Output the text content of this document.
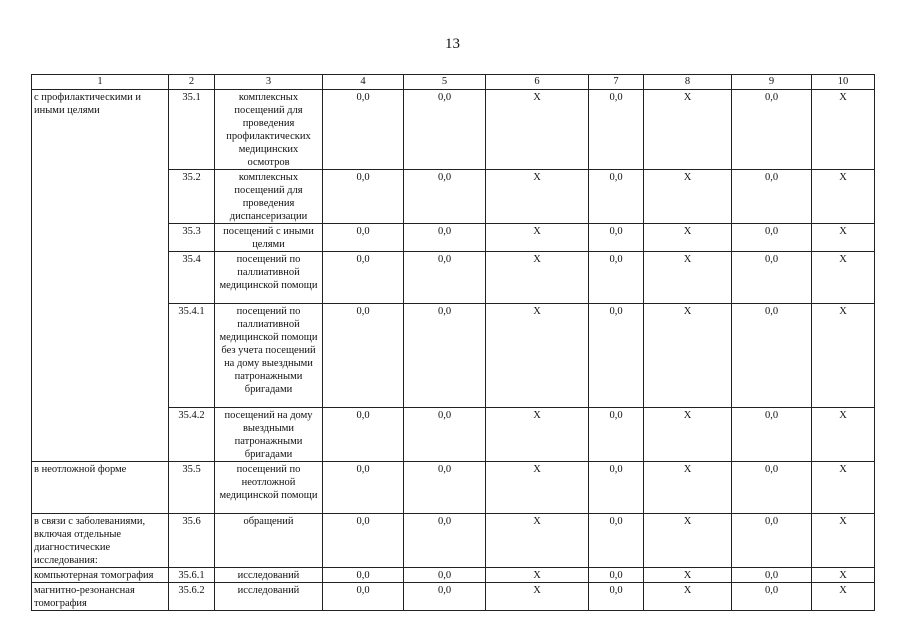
13
1	2	3	4	5	6	7	8	9	10
с профилактическими и иными целями	35.1	комплексных посещений для проведения профилактических медицинских осмотров	0,0	0,0	Х	0,0	Х	0,0	Х
	35.2	комплексных посещений для проведения диспансеризации	0,0	0,0	Х	0,0	Х	0,0	Х
	35.3	посещений с иными целями	0,0	0,0	Х	0,0	Х	0,0	Х
	35.4	посещений по паллиативной медицинской помощи	0,0	0,0	Х	0,0	Х	0,0	Х
	35.4.1	посещений по паллиативной медицинской помощи без учета посещений на дому выездными патронажными бригадами	0,0	0,0	Х	0,0	Х	0,0	Х
	35.4.2	посещений на дому выездными патронажными бригадами	0,0	0,0	Х	0,0	Х	0,0	Х
в неотложной форме	35.5	посещений по неотложной медицинской помощи	0,0	0,0	Х	0,0	Х	0,0	Х
в связи с заболеваниями, включая отдельные диагностические исследования:	35.6	обращений	0,0	0,0	Х	0,0	Х	0,0	Х
компьютерная томография	35.6.1	исследований	0,0	0,0	Х	0,0	Х	0,0	Х
магнитно-резонансная томография	35.6.2	исследований	0,0	0,0	Х	0,0	Х	0,0	Х
